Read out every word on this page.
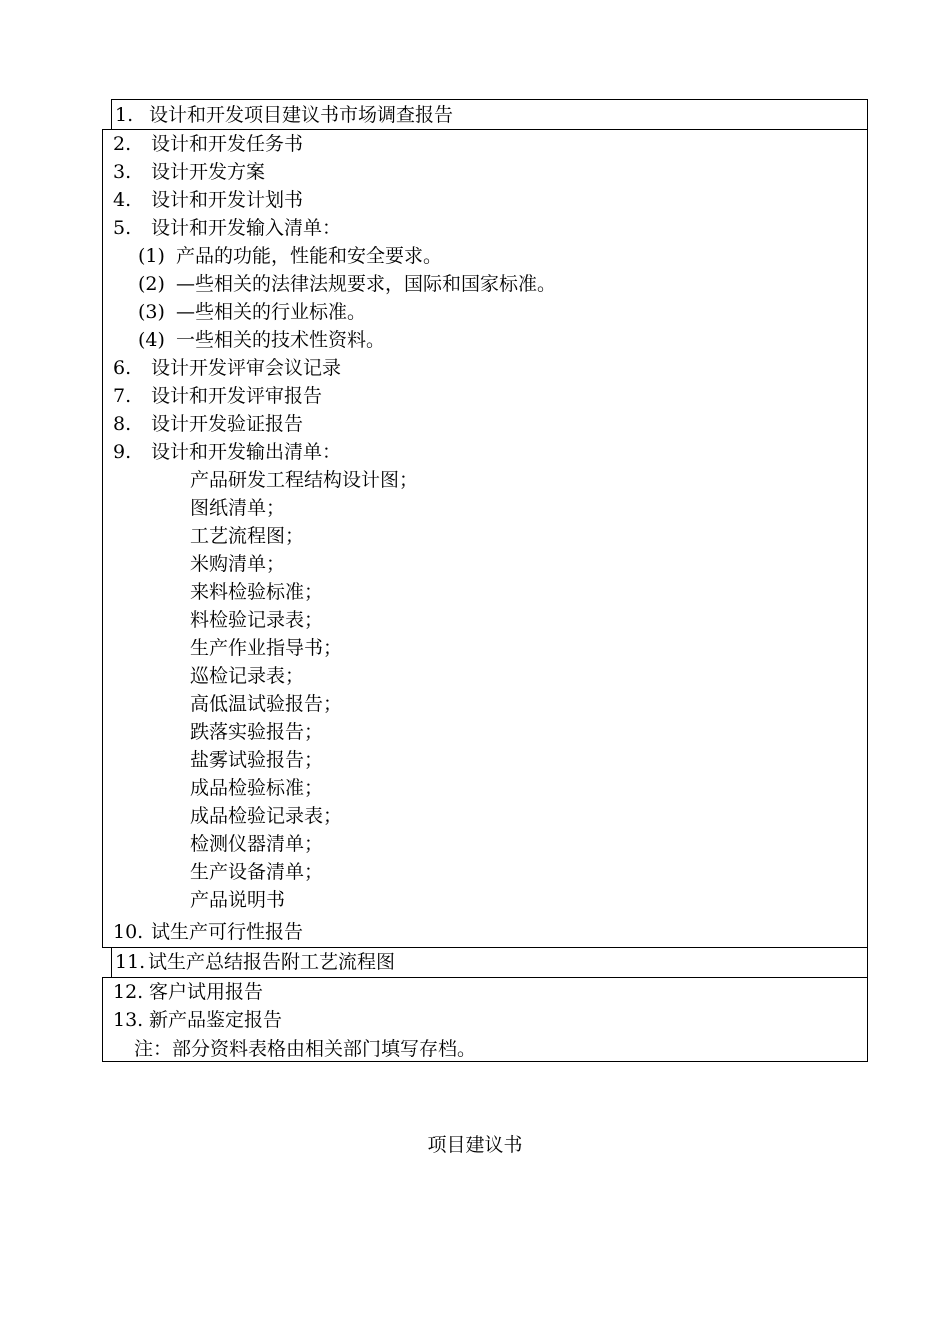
1. 设计和开发项目建议书市场调查报告
2. 设计和开发任务书
3. 设计开发方案
4. 设计和开发计划书
5. 设计和开发输入清单：
(1) 产品的功能，性能和安全要求。
(2) —些相关的法律法规要求，国际和国家标准。
(3) —些相关的行业标准。
(4) 一些相关的技术性资料。
6. 设计开发评审会议记录
7. 设计和开发评审报告
8. 设计开发验证报告
9. 设计和开发输出清单：
产品研发工程结构设计图；
图纸清单；
工艺流程图；
米购清单；
来料检验标准；
料检验记录表；
生产作业指导书；
巡检记录表；
高低温试验报告；
跌落实验报告；
盐雾试验报告；
成品检验标准；
成品检验记录表；
检测仪器清单；
生产设备清单；
产品说明书
10. 试生产可行性报告
11. 试生产总结报告附工艺流程图
12. 客户试用报告
13. 新产品鉴定报告
注：部分资料表格由相关部门填写存档。
项目建议书
